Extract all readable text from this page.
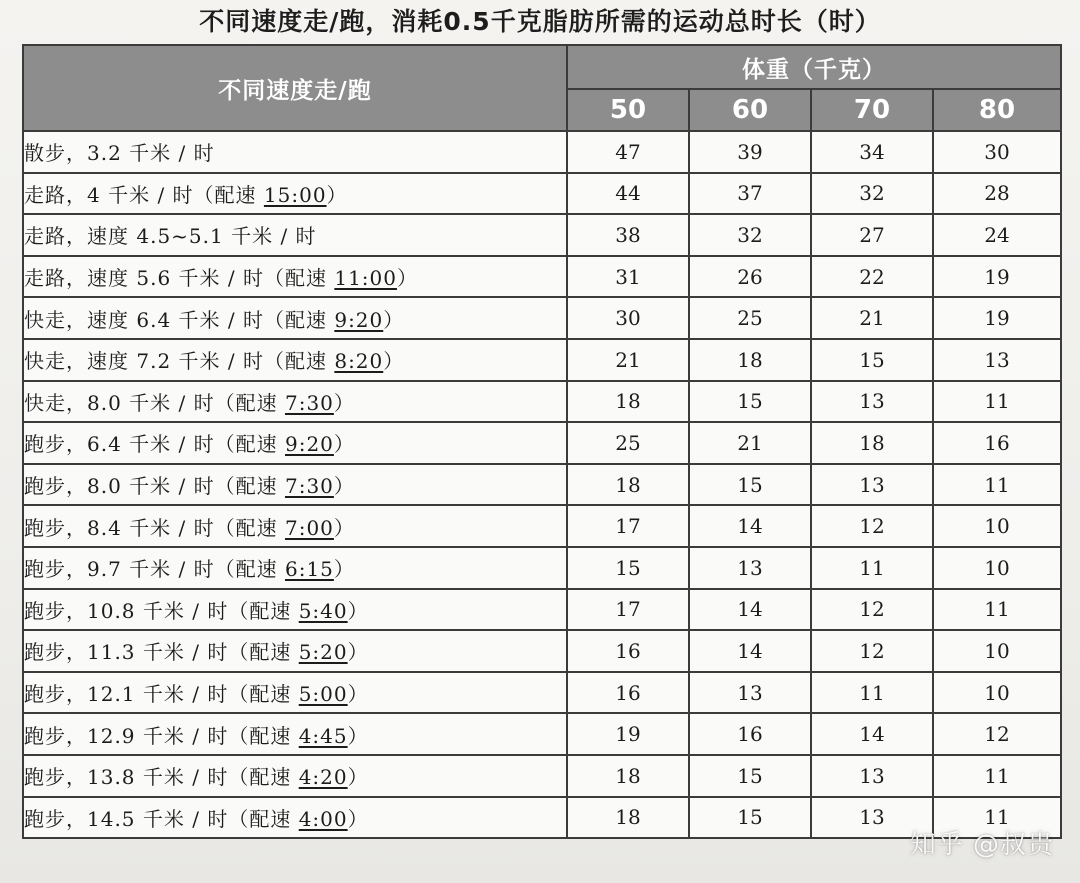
不同速度走/跑，消耗0.5千克脂肪所需的运动总时长（时）
不同速度走/跑	体重（千克）			
	50	60	70	80
散步，3.2 千米 / 时	47	39	34	30
走路，4 千米 / 时（配速 15:00）	44	37	32	28
走路，速度 4.5~5.1 千米 / 时	38	32	27	24
走路，速度 5.6 千米 / 时（配速 11:00）	31	26	22	19
快走，速度 6.4 千米 / 时（配速 9:20）	30	25	21	19
快走，速度 7.2 千米 / 时（配速 8:20）	21	18	15	13
快走，8.0 千米 / 时（配速 7:30）	18	15	13	11
跑步，6.4 千米 / 时（配速 9:20）	25	21	18	16
跑步，8.0 千米 / 时（配速 7:30）	18	15	13	11
跑步，8.4 千米 / 时（配速 7:00）	17	14	12	10
跑步，9.7 千米 / 时（配速 6:15）	15	13	11	10
跑步，10.8 千米 / 时（配速 5:40）	17	14	12	11
跑步，11.3 千米 / 时（配速 5:20）	16	14	12	10
跑步，12.1 千米 / 时（配速 5:00）	16	13	11	10
跑步，12.9 千米 / 时（配速 4:45）	19	16	14	12
跑步，13.8 千米 / 时（配速 4:20）	18	15	13	11
跑步，14.5 千米 / 时（配速 4:00）	18	15	13	11
知乎 @叔贵
